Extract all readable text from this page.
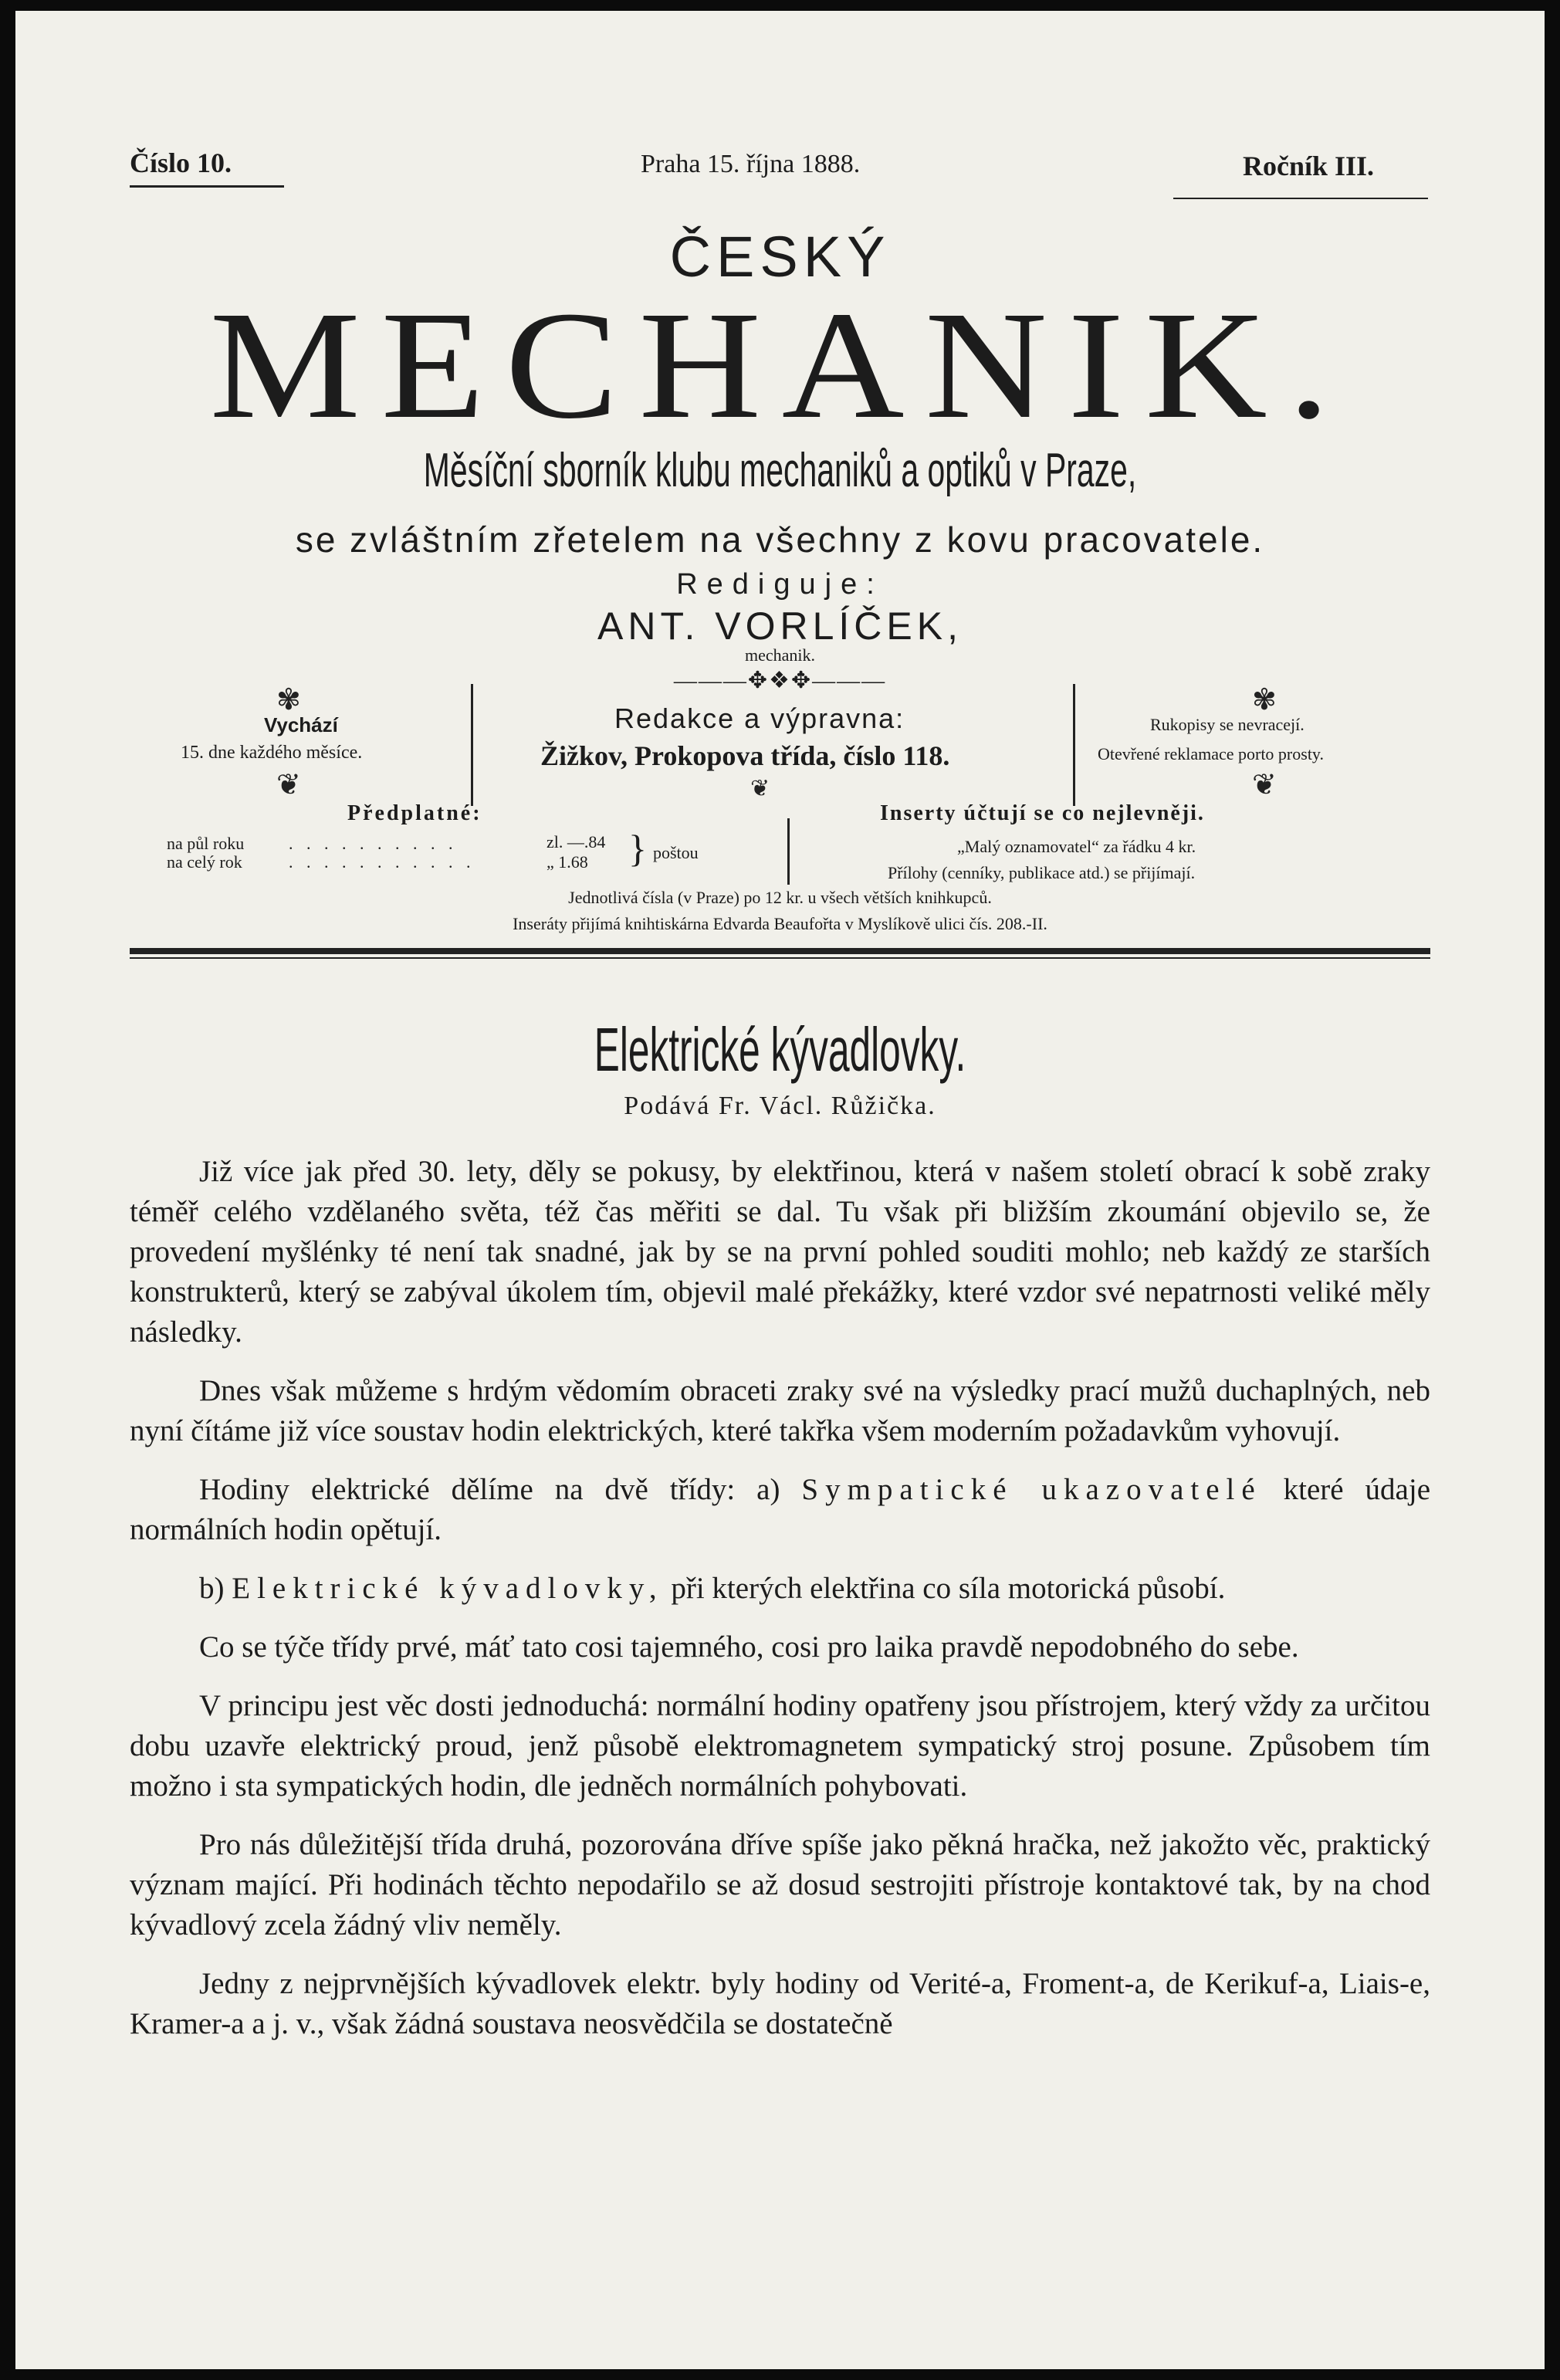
Číslo 10.	Praha 15. října 1888.	Ročník III.
ČESKÝ
MECHANIK.
Měsíční sborník klubu mechaniků a optiků v Praze,
se zvláštním zřetelem na všechny z kovu pracovatele.
Rediguje:
ANT. VORLÍČEK,
mechanik.
———✥❖✥———
✾
❦
✾
❦
❦
Vychází
15. dne každého měsíce.
Redakce a výpravna:
Žižkov, Prokopova třída, číslo 118.
Rukopisy se nevracejí.
Otevřené reklamace porto prosty.
Předplatné:
na půl roku	. . . . . . . . . .	zl. —.84
na celý rok	. . . . . . . . . . .	„ 1.68 } poštou
Inserty účtují se co nejlevněji.
„Malý oznamovatel“ za řádku 4 kr.
Přílohy (cenníky, publikace atd.) se přijímají.
Jednotlivá čísla (v Praze) po 12 kr. u všech větších knihkupců.
Inseráty přijímá knihtiskárna Edvarda Beaufořta v Myslíkově ulici čís. 208.-II.
Elektrické kývadlovky.
Podává Fr. Václ. Růžička.

Již více jak před 30. lety, děly se pokusy, by elektřinou, která v našem století obrací k sobě zraky téměř celého vzdělaného světa, též čas měřiti se dal. Tu však při bližším zkoumání objevilo se, že provedení myšlénky té není tak snadné, jak by se na první pohled souditi mohlo; neb každý ze starších konstrukterů, který se zabýval úkolem tím, objevil malé překážky, které vzdor své nepatrnosti veliké měly následky.

Dnes však můžeme s hrdým vědomím obraceti zraky své na výsledky prací mužů duchaplných, neb nyní čítáme již více soustav hodin elektrických, které takřka všem moderním požadavkům vyhovují.

Hodiny elektrické dělíme na dvě třídy: a) Sympatické ukazovatelé které údaje normálních hodin opětují.

b) Elektrické kývadlovky, při kterých elektřina co síla motorická působí.

Co se týče třídy prvé, máť tato cosi tajemného, cosi pro laika pravdě nepodobného do sebe.

V principu jest věc dosti jednoduchá: normální hodiny opatřeny jsou přístrojem, který vždy za určitou dobu uzavře elektrický proud, jenž působě elektromagnetem sympatický stroj posune. Způsobem tím možno i sta sympatických hodin, dle jedněch normálních pohybovati.

Pro nás důležitější třída druhá, pozorována dříve spíše jako pěkná hračka, než jakožto věc, praktický význam mající. Při hodinách těchto nepodařilo se až dosud sestrojiti přístroje kontaktové tak, by na chod kývadlový zcela žádný vliv neměly.

Jedny z nejprvnějších kývadlovek elektr. byly hodiny od Verité-a, Froment-a, de Kerikuf-a, Liais-e, Kramer-a a j. v., však žádná soustava neosvědčila se dostatečně
